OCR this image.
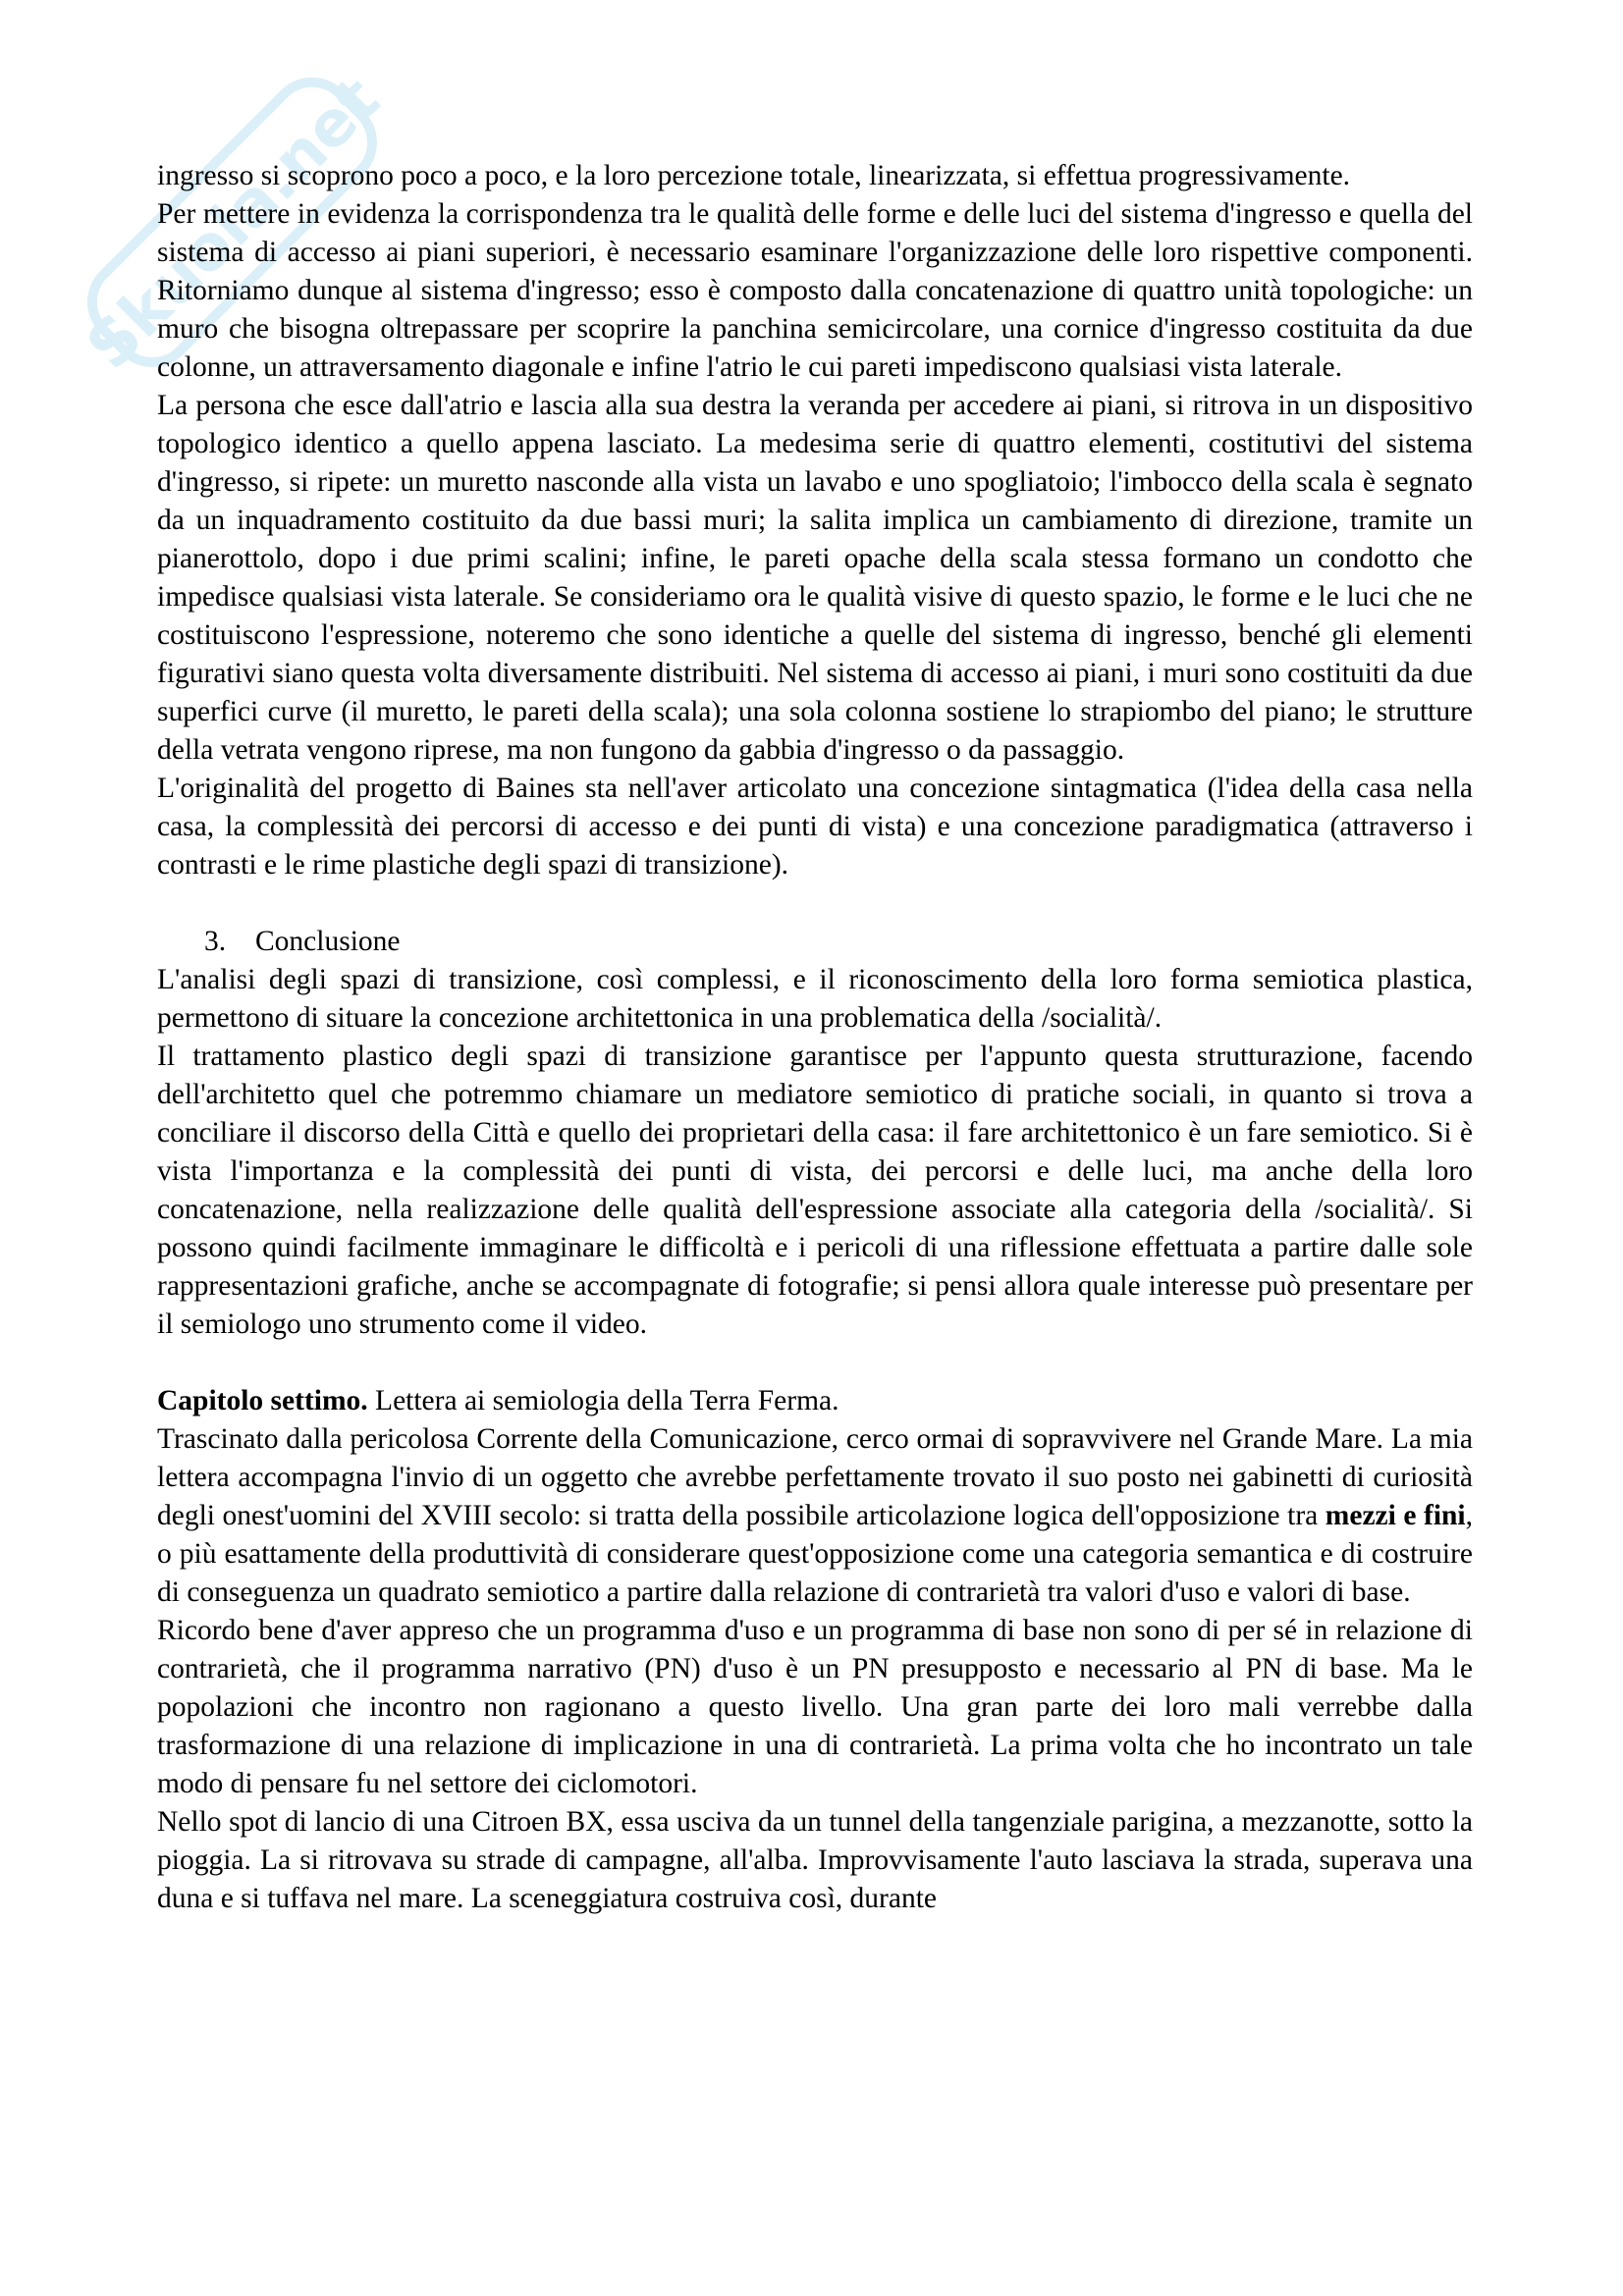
Skuola.net

ingresso si scoprono poco a poco, e la loro percezione totale, linearizzata, si effettua progressivamente.

Per mettere in evidenza la corrispondenza tra le qualità delle forme e delle luci del sistema d'ingresso e quella del sistema di accesso ai piani superiori, è necessario esaminare l'organizzazione delle loro rispettive componenti. Ritorniamo dunque al sistema d'ingresso; esso è composto dalla concatenazione di quattro unità topologiche: un muro che bisogna oltrepassare per scoprire la panchina semicircolare, una cornice d'ingresso costituita da due colonne, un attraversamento diagonale e infine l'atrio le cui pareti impediscono qualsiasi vista laterale.

La persona che esce dall'atrio e lascia alla sua destra la veranda per accedere ai piani, si ritrova in un dispositivo topologico identico a quello appena lasciato. La medesima serie di quattro elementi, costitutivi del sistema d'ingresso, si ripete: un muretto nasconde alla vista un lavabo e uno spogliatoio; l'imbocco della scala è segnato da un inquadramento costituito da due bassi muri; la salita implica un cambiamento di direzione, tramite un pianerottolo, dopo i due primi scalini; infine, le pareti opache della scala stessa formano un condotto che impedisce qualsiasi vista laterale. Se consideriamo ora le qualità visive di questo spazio, le forme e le luci che ne costituiscono l'espressione, noteremo che sono identiche a quelle del sistema di ingresso, benché gli elementi figurativi siano questa volta diversamente distribuiti. Nel sistema di accesso ai piani, i muri sono costituiti da due superfici curve (il muretto, le pareti della scala); una sola colonna sostiene lo strapiombo del piano; le strutture della vetrata vengono riprese, ma non fungono da gabbia d'ingresso o da passaggio.

L'originalità del progetto di Baines sta nell'aver articolato una concezione sintagmatica (l'idea della casa nella casa, la complessità dei percorsi di accesso e dei punti di vista) e una concezione paradigmatica (attraverso i contrasti e le rime plastiche degli spazi di transizione).

3. Conclusione

L'analisi degli spazi di transizione, così complessi, e il riconoscimento della loro forma semiotica plastica, permettono di situare la concezione architettonica in una problematica della /socialità/.

Il trattamento plastico degli spazi di transizione garantisce per l'appunto questa strutturazione, facendo dell'architetto quel che potremmo chiamare un mediatore semiotico di pratiche sociali, in quanto si trova a conciliare il discorso della Città e quello dei proprietari della casa: il fare architettonico è un fare semiotico. Si è vista l'importanza e la complessità dei punti di vista, dei percorsi e delle luci, ma anche della loro concatenazione, nella realizzazione delle qualità dell'espressione associate alla categoria della /socialità/. Si possono quindi facilmente immaginare le difficoltà e i pericoli di una riflessione effettuata a partire dalle sole rappresentazioni grafiche, anche se accompagnate di fotografie; si pensi allora quale interesse può presentare per il semiologo uno strumento come il video.

Capitolo settimo. Lettera ai semiologia della Terra Ferma.

Trascinato dalla pericolosa Corrente della Comunicazione, cerco ormai di sopravvivere nel Grande Mare. La mia lettera accompagna l'invio di un oggetto che avrebbe perfettamente trovato il suo posto nei gabinetti di curiosità degli onest'uomini del XVIII secolo: si tratta della possibile articolazione logica dell'opposizione tra mezzi e fini, o più esattamente della produttività di considerare quest'opposizione come una categoria semantica e di costruire di conseguenza un quadrato semiotico a partire dalla relazione di contrarietà tra valori d'uso e valori di base.

Ricordo bene d'aver appreso che un programma d'uso e un programma di base non sono di per sé in relazione di contrarietà, che il programma narrativo (PN) d'uso è un PN presupposto e necessario al PN di base. Ma le popolazioni che incontro non ragionano a questo livello. Una gran parte dei loro mali verrebbe dalla trasformazione di una relazione di implicazione in una di contrarietà. La prima volta che ho incontrato un tale modo di pensare fu nel settore dei ciclomotori.

Nello spot di lancio di una Citroen BX, essa usciva da un tunnel della tangenziale parigina, a mezzanotte, sotto la pioggia. La si ritrovava su strade di campagne, all'alba. Improvvisamente l'auto lasciava la strada, superava una duna e si tuffava nel mare. La sceneggiatura costruiva così, durante
